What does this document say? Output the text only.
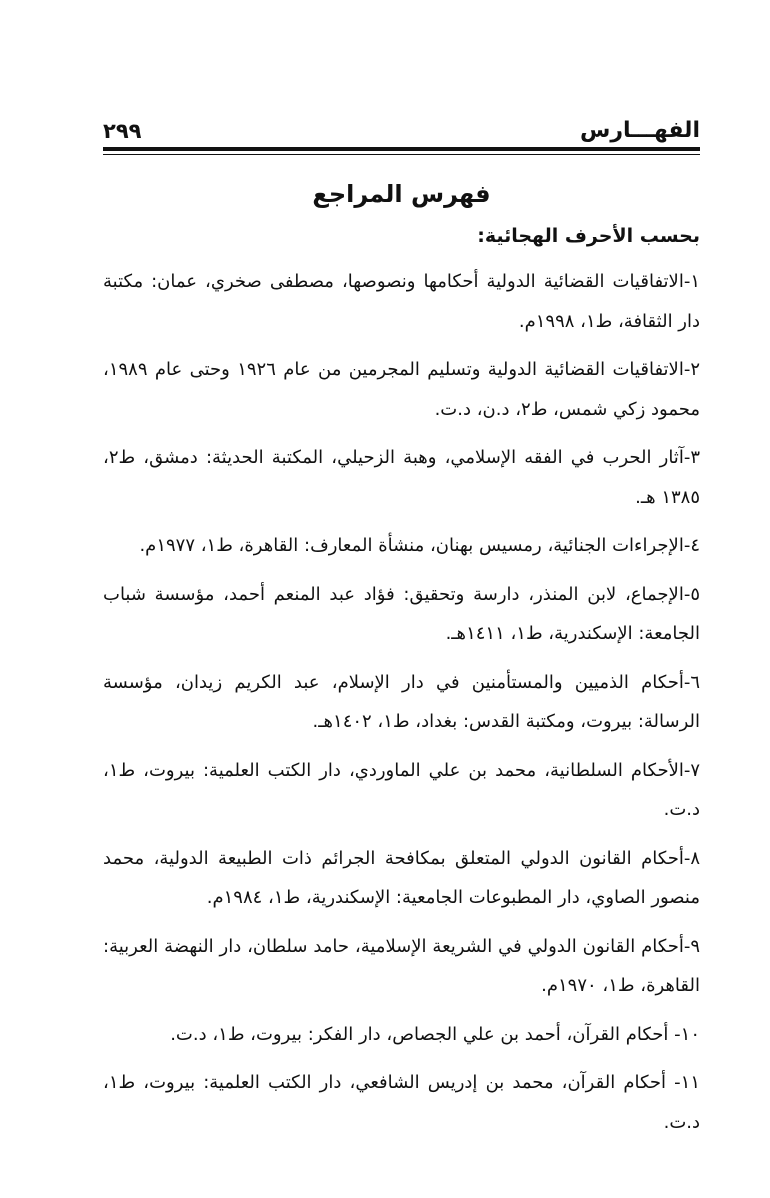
الفهـــارس
٢٩٩
فهرس المراجع
بحسب الأحرف الهجائية:
١-الاتفاقيات القضائية الدولية أحكامها ونصوصها، مصطفى صخري، عمان: مكتبة دار الثقافة، ط١، ١٩٩٨م.
٢-الاتفاقيات القضائية الدولية وتسليم المجرمين من عام ١٩٢٦ وحتى عام ١٩٨٩، محمود زكي شمس، ط٢، د.ن، د.ت.
٣-آثار الحرب في الفقه الإسلامي، وهبة الزحيلي، المكتبة الحديثة: دمشق، ط٢، ١٣٨٥ هـ.
٤-الإجراءات الجنائية، رمسيس بهنان، منشأة المعارف: القاهرة، ط١، ١٩٧٧م.
٥-الإجماع، لابن المنذر، دارسة وتحقيق: فؤاد عبد المنعم أحمد، مؤسسة شباب الجامعة: الإسكندرية، ط١، ١٤١١هـ.
٦-أحكام الذميين والمستأمنين في دار الإسلام، عبد الكريم زيدان، مؤسسة الرسالة: بيروت، ومكتبة القدس: بغداد، ط١، ١٤٠٢هـ.
٧-الأحكام السلطانية، محمد بن علي الماوردي، دار الكتب العلمية: بيروت، ط١، د.ت.
٨-أحكام القانون الدولي المتعلق بمكافحة الجرائم ذات الطبيعة الدولية، محمد منصور الصاوي، دار المطبوعات الجامعية: الإسكندرية، ط١، ١٩٨٤م.
٩-أحكام القانون الدولي في الشريعة الإسلامية، حامد سلطان، دار النهضة العربية: القاهرة، ط١، ١٩٧٠م.
١٠- أحكام القرآن، أحمد بن علي الجصاص، دار الفكر: بيروت، ط١، د.ت.
١١- أحكام القرآن، محمد بن إدريس الشافعي، دار الكتب العلمية: بيروت، ط١، د.ت.
